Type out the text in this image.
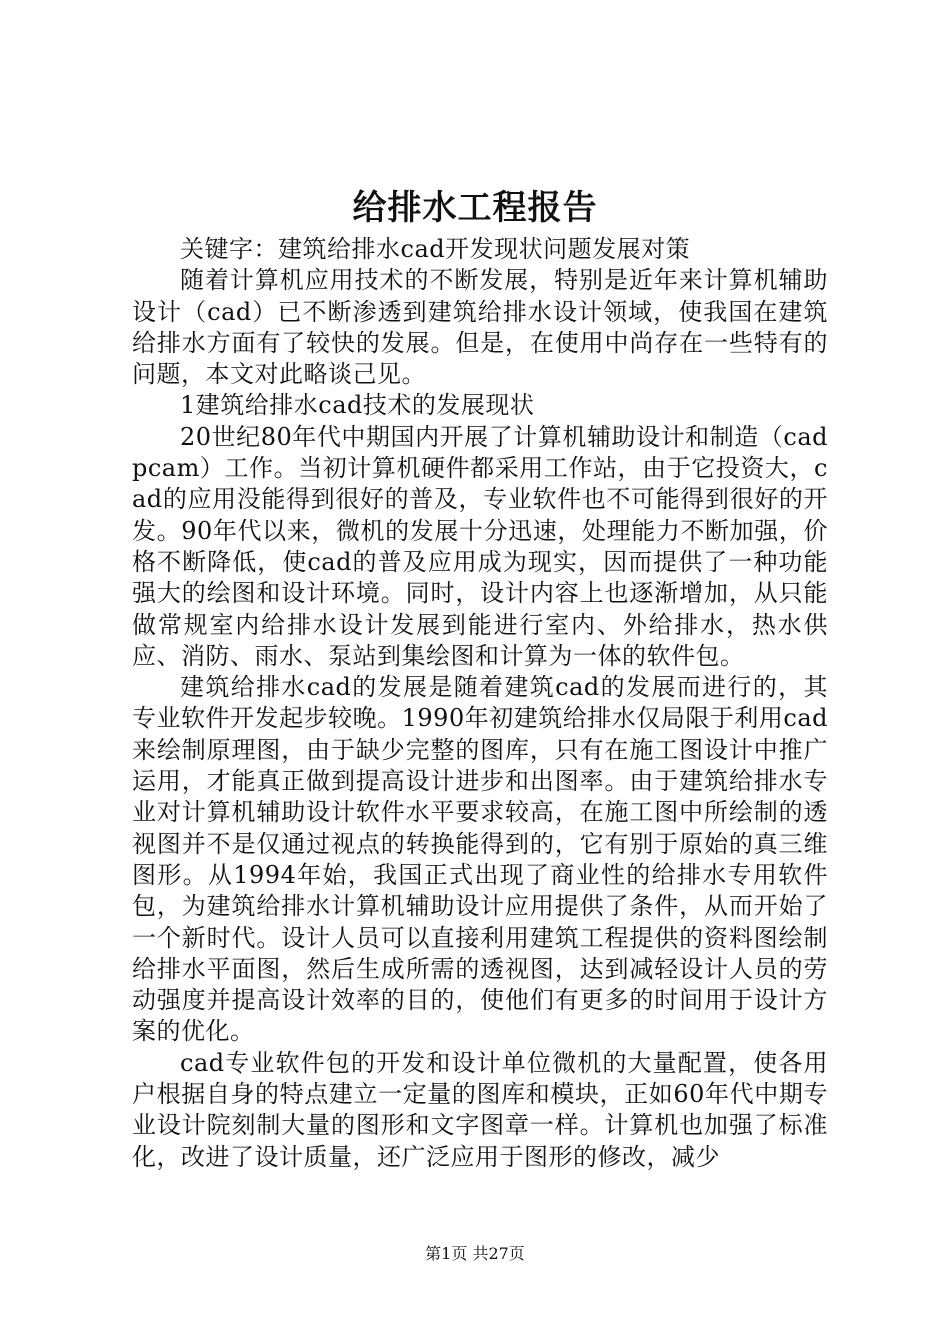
给排水工程报告

关键字：建筑给排水cad开发现状问题发展对策

随着计算机应用技术的不断发展，特别是近年来计算机辅助设计（cad）已不断渗透到建筑给排水设计领域，使我国在建筑给排水方面有了较快的发展。但是，在使用中尚存在一些特有的问题，本文对此略谈己见。

1建筑给排水cad技术的发展现状

20世纪80年代中期国内开展了计算机辅助设计和制造（cadpcam）工作。当初计算机硬件都采用工作站，由于它投资大，cad的应用没能得到很好的普及，专业软件也不可能得到很好的开发。90年代以来，微机的发展十分迅速，处理能力不断加强，价格不断降低，使cad的普及应用成为现实，因而提供了一种功能强大的绘图和设计环境。同时，设计内容上也逐渐增加，从只能做常规室内给排水设计发展到能进行室内、外给排水，热水供应、消防、雨水、泵站到集绘图和计算为一体的软件包。

建筑给排水cad的发展是随着建筑cad的发展而进行的，其专业软件开发起步较晚。1990年初建筑给排水仅局限于利用cad来绘制原理图，由于缺少完整的图库，只有在施工图设计中推广运用，才能真正做到提高设计进步和出图率。由于建筑给排水专业对计算机辅助设计软件水平要求较高，在施工图中所绘制的透视图并不是仅通过视点的转换能得到的，它有别于原始的真三维图形。从1994年始，我国正式出现了商业性的给排水专用软件包，为建筑给排水计算机辅助设计应用提供了条件，从而开始了一个新时代。设计人员可以直接利用建筑工程提供的资料图绘制给排水平面图，然后生成所需的透视图，达到减轻设计人员的劳动强度并提高设计效率的目的，使他们有更多的时间用于设计方案的优化。

cad专业软件包的开发和设计单位微机的大量配置，使各用户根据自身的特点建立一定量的图库和模块，正如60年代中期专业设计院刻制大量的图形和文字图章一样。计算机也加强了标准化，改进了设计质量，还广泛应用于图形的修改，减少

第1页 共27页
